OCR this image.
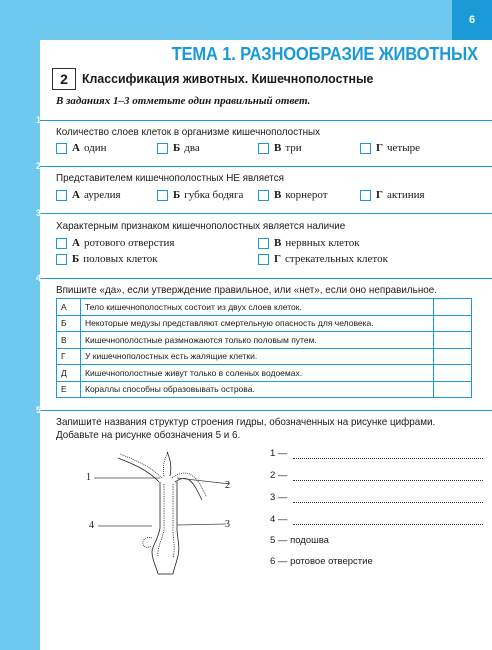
6
ТЕМА 1. РАЗНООБРАЗИЕ ЖИВОТНЫХ
2	Классификация животных. Кишечнополостные
В заданиях 1–3 отметьте один правильный ответ.
1
Количество слоев клеток в организме кишечнополостных
А один	Б два	В три	Г четыре
2
Представителем кишечнополостных НЕ является
А аурелия	Б губка бодяга	В корнерот	Г актиния
3
Характерным признаком кишечнополостных является наличие
А ротового отверстия	В нервных клеток
Б половых клеток	Г стрекательных клеток
4
Впишите «да», если утверждение правильное, или «нет», если оно неправильное.
А	Тело кишечнополостных состоит из двух слоев клеток.	
Б	Некоторые медузы представляют смертельную опасность для человека.	
В	Кишечнополостные размножаются только половым путем.	
Г	У кишечнополостных есть жалящие клетки.	
Д	Кишечнополостные живут только в соленых водоемах.	
Е	Кораллы способны образовывать острова.	
5
Запишите названия структур строения гидры, обозначенных на рисунке цифрами.
Добавьте на рисунке обозначения 5 и 6.
1
2
3
4
1 —
2 —
3 —
4 —
5 —
подошва
6 —
ротовое отверстие
